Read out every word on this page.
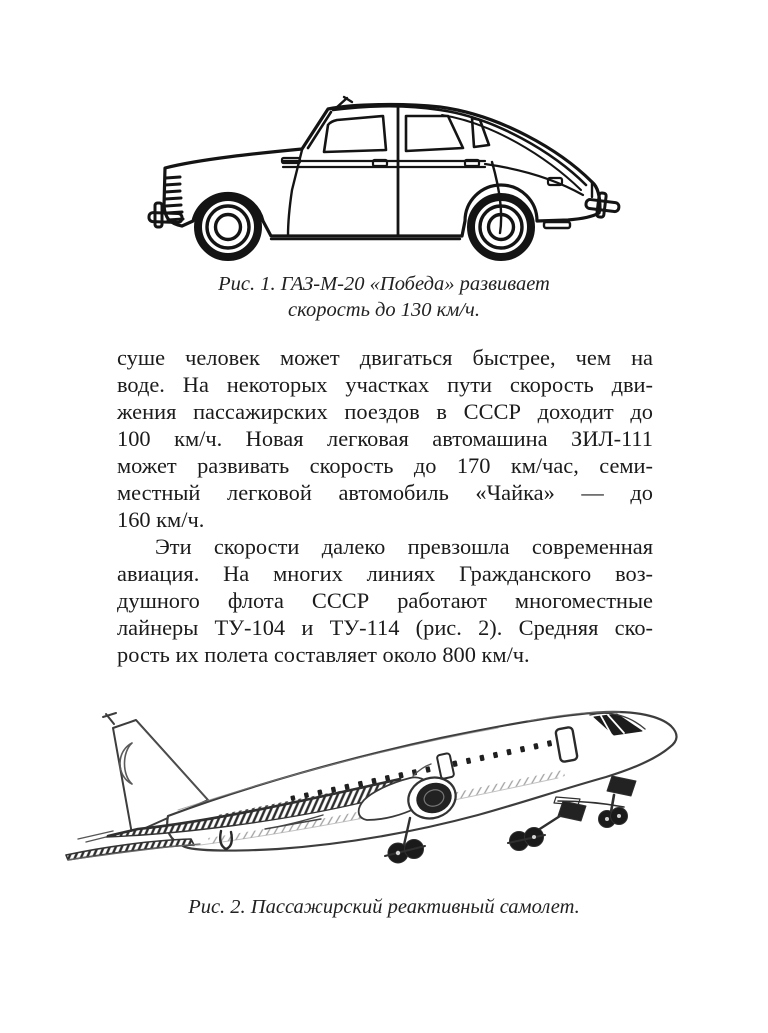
Рис. 1. ГАЗ-М-20 «Победа» развивает
скорость до 130 км/ч.
суше человек может двигаться быстрее, чем на
воде. На некоторых участках пути скорость дви-
жения пассажирских поездов в СССР доходит до
100 км/ч. Новая легковая автомашина ЗИЛ-111
может развивать скорость до 170 км/час, семи-
местный легковой автомобиль «Чайка» — до
160 км/ч.
Эти скорости далеко превзошла современная
авиация. На многих линиях Гражданского воз-
душного флота СССР работают многоместные
лайнеры ТУ-104 и ТУ-114 (рис. 2). Средняя ско-
рость их полета составляет около 800 км/ч.
Рис. 2. Пассажирский реактивный самолет.
